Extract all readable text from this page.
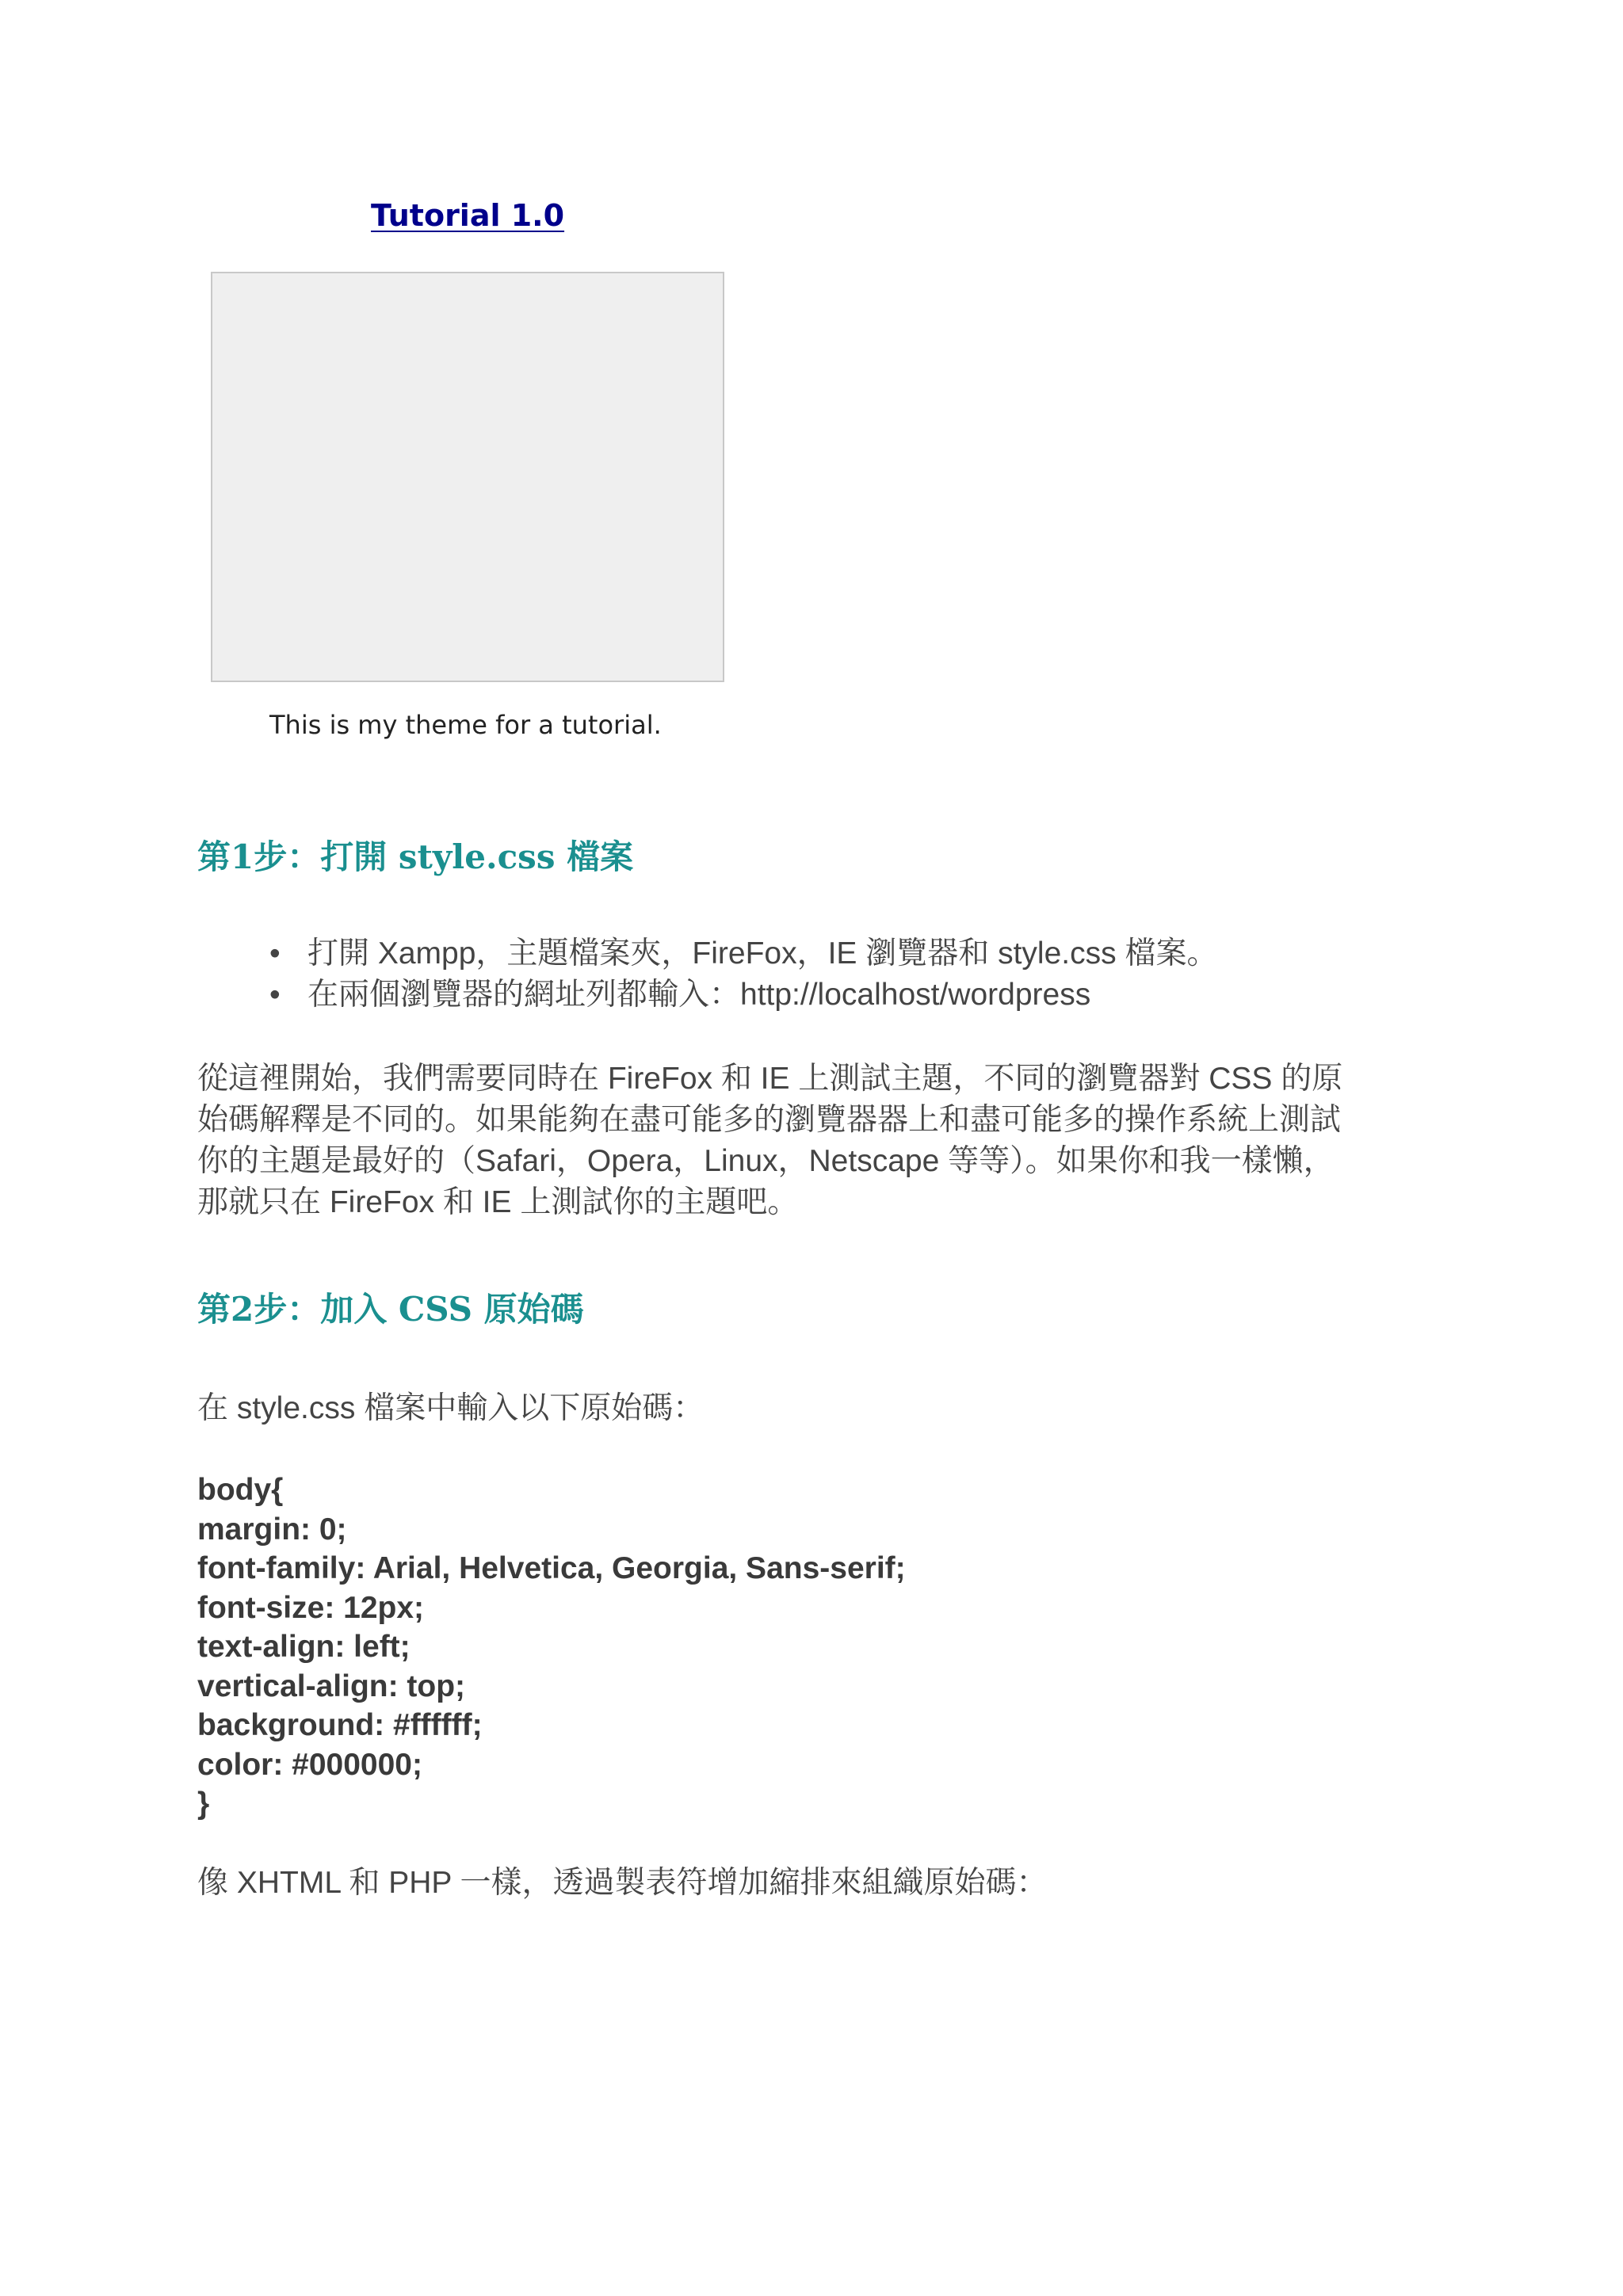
Tutorial 1.0
This is my theme for a tutorial.
第1步：打開 style.css 檔案
• 打開 Xampp，主題檔案夾，FireFox，IE 瀏覽器和 style.css 檔案。
• 在兩個瀏覽器的網址列都輸入：http://localhost/wordpress
從這裡開始，我們需要同時在 FireFox 和 IE 上測試主題，不同的瀏覽器對 CSS 的原
始碼解釋是不同的。如果能夠在盡可能多的瀏覽器器上和盡可能多的操作系統上測試
你的主題是最好的（Safari，Opera，Linux，Netscape 等等）。如果你和我一樣懶，
那就只在 FireFox 和 IE 上測試你的主題吧。
第2步：加入 CSS 原始碼
在 style.css 檔案中輸入以下原始碼：
body{
margin: 0;
font-family: Arial, Helvetica, Georgia, Sans-serif;
font-size: 12px;
text-align: left;
vertical-align: top;
background: #ffffff;
color: #000000;
}
像 XHTML 和 PHP 一樣，透過製表符增加縮排來組織原始碼：
